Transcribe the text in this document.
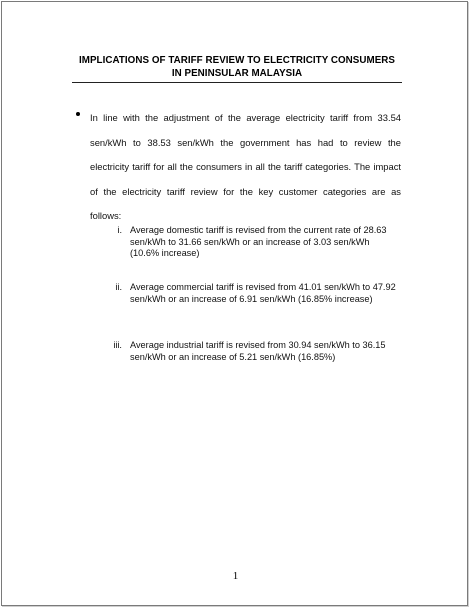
IMPLICATIONS OF TARIFF REVIEW TO ELECTRICITY CONSUMERS
IN PENINSULAR MALAYSIA

In line with the adjustment of the average electricity tariff from 33.54 sen/kWh to 38.53 sen/kWh the government has had to review the electricity tariff for all the consumers in all the tariff categories. The impact of the electricity tariff review for the key customer categories are as follows:

i. Average domestic tariff is revised from the current rate of 28.63 sen/kWh to 31.66 sen/kWh or an increase of 3.03 sen/kWh (10.6% increase)
ii. Average commercial tariff is revised from 41.01 sen/kWh to 47.92 sen/kWh or an increase of 6.91 sen/kWh (16.85% increase)
iii. Average industrial tariff is revised from 30.94 sen/kWh to 36.15 sen/kWh or an increase of 5.21 sen/kWh (16.85%)
1
